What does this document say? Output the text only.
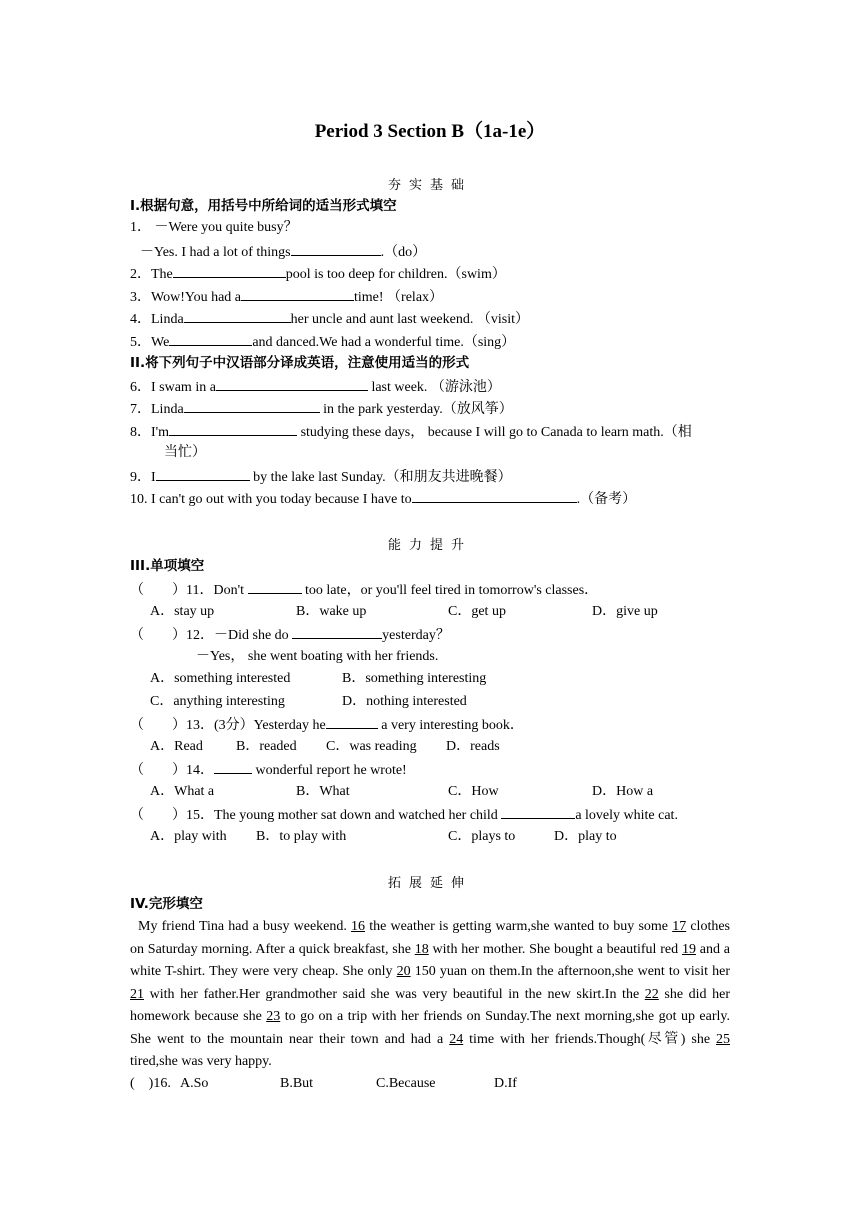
Period 3 Section B（1a-1e）
夯实基础
I.根据句意，用括号中所给词的适当形式填空
1． －Were you quite busy？
－Yes. I had a lot of things	.（do）
2．The	pool is too deep for children.（swim）
3．Wow!You had a	time! （relax）
4．Linda	her uncle and aunt last weekend. （visit）
5．We	and danced.We had a wonderful time.（sing）
II.将下列句子中汉语部分译成英语，注意使用适当的形式
6．I swam in a	last week. （游泳池）
7．Linda	in the park yesterday.（放风筝）
8．I'm	studying these days， because I will go to Canada to learn math.（相
当忙）
9．I	by the lake last Sunday.（和朋友共进晚餐）
10. I can't go out with you today because I have to	.（备考）
能力提升
III.单项填空
（　　）11．Don't	too late，or you'll feel tired in tomorrow's classes．
A．stay up	B．wake up	C．get up	D．give up
（　　）12．－Did she do	yesterday？
－Yes， she went boating with her friends.
A．something interested	B．something interesting
C．anything interesting	D．nothing interested
（　　）13．(3分）Yesterday he	a very interesting book．
A．Read B．readed C．was reading D．reads
（　　）14．	wonderful report he wrote!
A．What a	B．What	C．How	D．How a
（　　）15．The young mother sat down and watched her child	a lovely white cat.
A．play with B．to play with	C．plays to	D．play to
拓展延伸
IV.完形填空
My friend Tina had a busy weekend. 16 the weather is getting warm,she wanted to buy some 17 clothes on Saturday morning. After a quick breakfast, she 18 with her mother. She bought a beautiful red 19 and a white T-shirt. They were very cheap. She only 20 150 yuan on them.In the afternoon,she went to visit her 21 with her father.Her grandmother said she was very beautiful in the new skirt.In the 22 she did her homework because she 23 to go on a trip with her friends on Sunday.The next morning,she got up early. She went to the mountain near their town and had a 24 time with her friends.Though(尽管) she 25 tired,she was very happy.
(　)16. A.So	B.But	C.Because	D.If
